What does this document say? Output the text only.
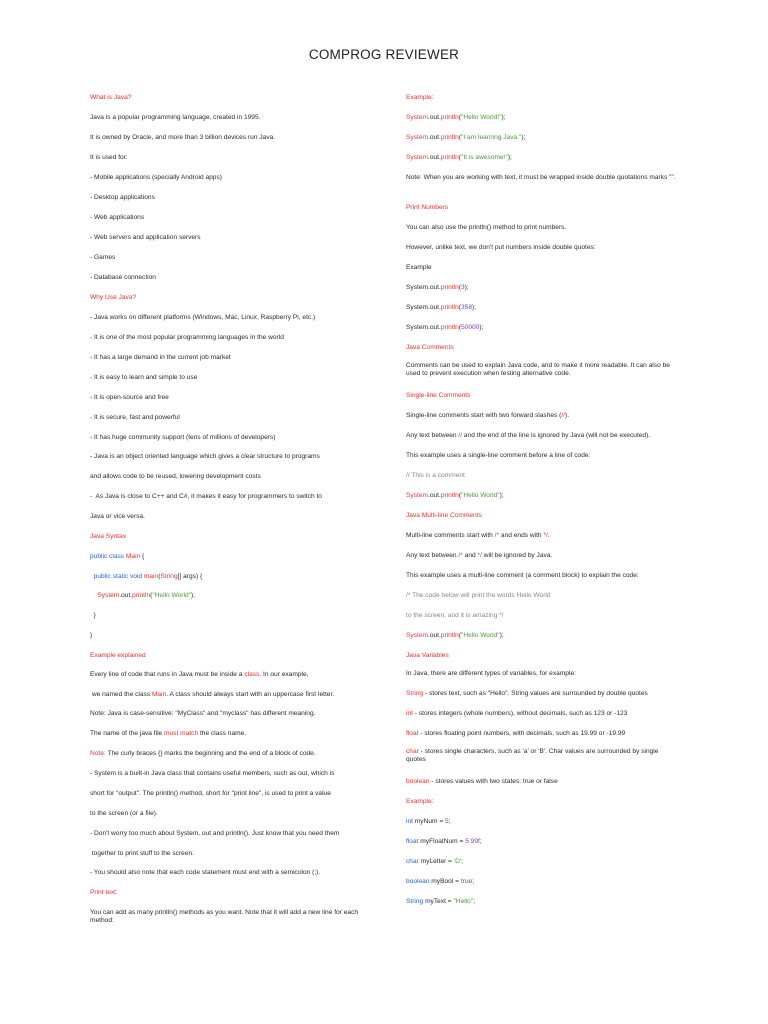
COMPROG REVIEWER
What is Java?
Java is a popular programming language, created in 1995.
It is owned by Oracle, and more than 3 billion devices run Java.
It is used for:
- Mobile applications (specially Android apps)
- Desktop applications
- Web applications
- Web servers and application servers
- Games
- Database connection
Why Use Java?
- Java works on different platforms (Windows, Mac, Linux, Raspberry Pi, etc.)
- It is one of the most popular programming languages in the world
- It has a large demand in the current job market
- It is easy to learn and simple to use
- It is open-source and free
- It is secure, fast and powerful
- It has huge community support (tens of millions of developers)
- Java is an object oriented language which gives a clear structure to programs
and allows code to be reused, lowering development costs
-  As Java is close to C++ and C#, it makes it easy for programmers to switch to
Java or vice versa.
Java Syntax
public class Main {
public static void main(String[] args) {
System.out.println("Hello World");
}
}
Example explained
Every line of code that runs in Java must be inside a class. In our example,
we named the class Main. A class should always start with an uppercase first letter.
Note: Java is case-sensitive: "MyClass" and "myclass" has different meaning.
The name of the java file must match the class name.
Note: The curly braces {} marks the beginning and the end of a block of code.
- System is a built-in Java class that contains useful members, such as out, which is
short for "output". The println() method, short for "print line", is used to print a value
to the screen (or a file).
- Don't worry too much about System, out and println(). Just know that you need them
together to print stuff to the screen.
- You should also note that each code statement must end with a semicolon (;).
Print text:
You can add as many println() methods as you want. Note that it will add a new line for each method:
Example:
System.out.println("Hello World!");
System.out.println("I am learning Java.");
System.out.println("It is awesome!");
Note: When you are working with text, it must be wrapped inside double quotations marks "".
Print Numbers
You can also use the println() method to print numbers.
However, unlike text, we don't put numbers inside double quotes:
Example
System.out.println(3);
System.out.println(358);
System.out.println(50000);
Java Comments
Comments can be used to explain Java code, and to make it more readable. It can also be used to prevent execution when testing alternative code.
Single-line Comments
Single-line comments start with two forward slashes (//).
Any text between // and the end of the line is ignored by Java (will not be executed).
This example uses a single-line comment before a line of code:
// This is a comment
System.out.println("Hello World");
Java Multi-line Comments
Multi-line comments start with /* and ends with */.
Any text between /* and */ will be ignored by Java.
This example uses a multi-line comment (a comment block) to explain the code:
/* The code below will print the words Hello World
to the screen, and it is amazing */
System.out.println("Hello World");
Java Variables
In Java, there are different types of variables, for example:
String - stores text, such as "Hello". String values are surrounded by double quotes
int - stores integers (whole numbers), without decimals, such as 123 or -123
float - stores floating point numbers, with decimals, such as 19.99 or -19.99
char - stores single characters, such as 'a' or 'B'. Char values are surrounded by single quotes
boolean - stores values with two states: true or false
Example:
int myNum = 5;
float myFloatNum = 5.99f;
char myLetter = 'D';
boolean myBool = true;
String myText = "Hello";
